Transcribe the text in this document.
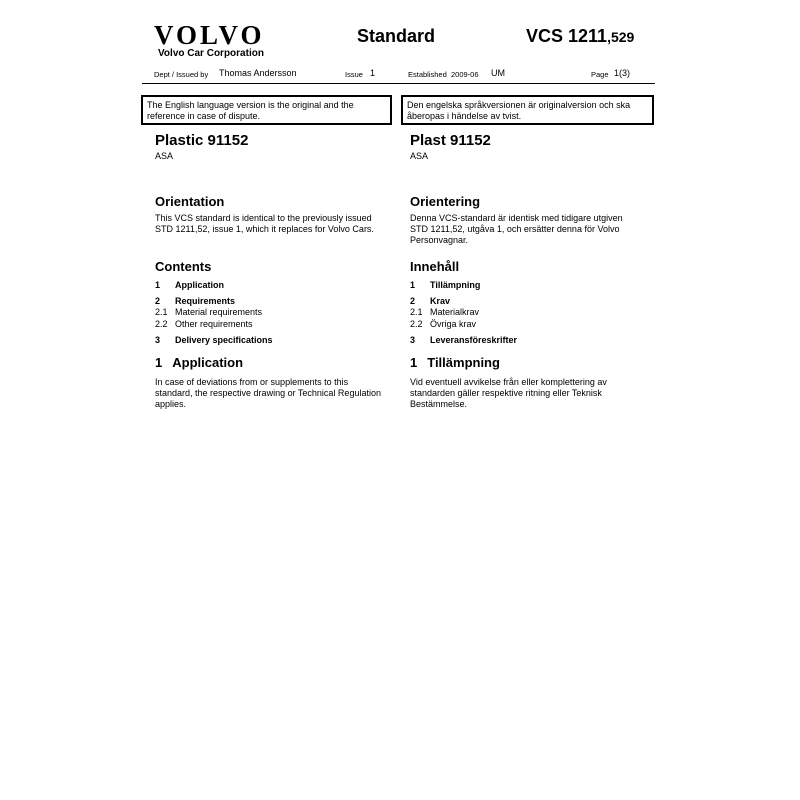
VOLVO
Volvo Car Corporation
Standard	VCS 1211,529
Dept / Issued by Thomas Andersson	Issue 1	Established 2009-06 UM	Page 1(3)
The English language version is the original and the reference in case of dispute.
Den engelska språkversionen är originalversion och ska åberopas i händelse av tvist.
Plastic 91152
ASA
Orientation
This VCS standard is identical to the previously issued STD 1211,52, issue 1, which it replaces for Volvo Cars.
Contents
1 Application
2 Requirements
2.1 Material requirements
2.2 Other requirements
3 Delivery specifications
1 Application
In case of deviations from or supplements to this standard, the respective drawing or Technical Regulation applies.
Plast 91152
ASA
Orientering
Denna VCS-standard är identisk med tidigare utgiven STD 1211,52, utgåva 1, och ersätter denna för Volvo Personvagnar.
Innehåll
1 Tillämpning
2 Krav
2.1 Materialkrav
2.2 Övriga krav
3 Leveransföreskrifter
1 Tillämpning
Vid eventuell avvikelse från eller komplettering av standarden gäller respektive ritning eller Teknisk Bestämmelse.
